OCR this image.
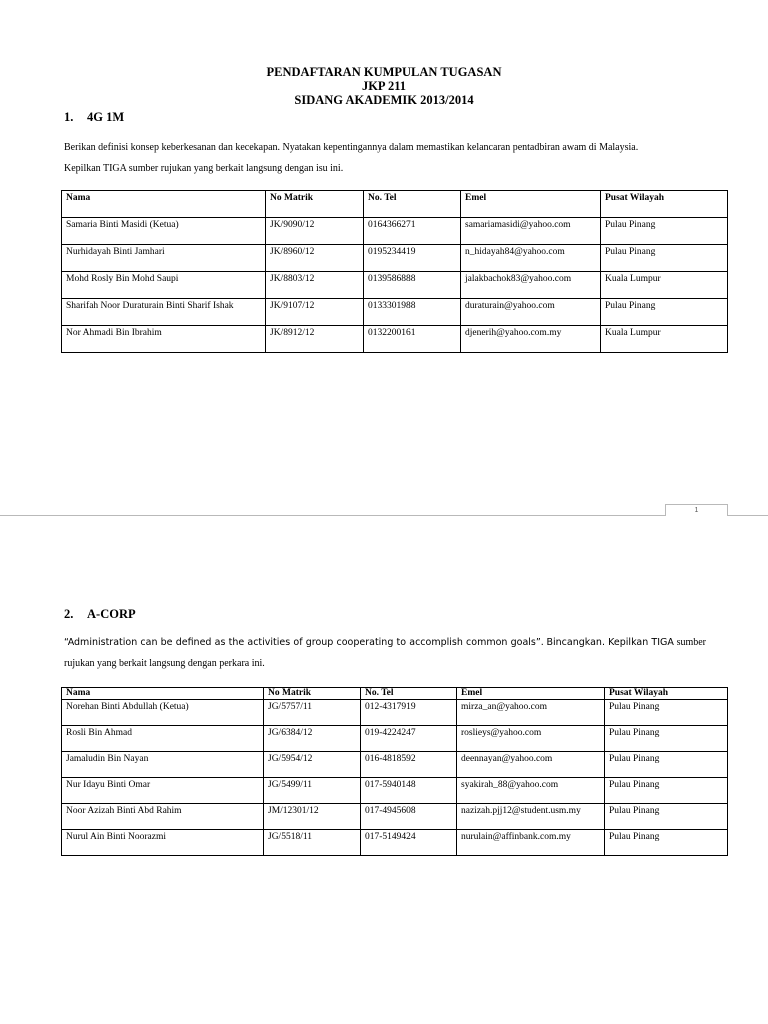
PENDAFTARAN KUMPULAN TUGASAN
JKP 211
SIDANG AKADEMIK 2013/2014
1. 4G 1M
Berikan definisi konsep keberkesanan dan kecekapan. Nyatakan kepentingannya dalam memastikan kelancaran pentadbiran awam di Malaysia.
Kepilkan TIGA sumber rujukan yang berkait langsung dengan isu ini.
Nama	No Matrik	No. Tel	Emel	Pusat Wilayah
Samaria Binti Masidi (Ketua)	JK/9090/12	0164366271	samariamasidi@yahoo.com	Pulau Pinang
Nurhidayah Binti Jamhari	JK/8960/12	0195234419	n_hidayah84@yahoo.com	Pulau Pinang
Mohd Rosly Bin Mohd Saupi	JK/8803/12	0139586888	jalakbachok83@yahoo.com	Kuala Lumpur
Sharifah Noor Duraturain Binti Sharif Ishak	JK/9107/12	0133301988	duraturain@yahoo.com	Pulau Pinang
Nor Ahmadi Bin Ibrahim	JK/8912/12	0132200161	djenerih@yahoo.com.my	Kuala Lumpur
1
2. A-CORP
“Administration can be defined as the activities of group cooperating to accomplish common goals”. Bincangkan. Kepilkan TIGA sumber rujukan yang berkait langsung dengan perkara ini.
Nama	No Matrik	No. Tel	Emel	Pusat Wilayah
Norehan Binti Abdullah (Ketua)	JG/5757/11	012-4317919	mirza_an@yahoo.com	Pulau Pinang
Rosli Bin Ahmad	JG/6384/12	019-4224247	roslieys@yahoo.com	Pulau Pinang
Jamaludin Bin Nayan	JG/5954/12	016-4818592	deennayan@yahoo.com	Pulau Pinang
Nur Idayu Binti Omar	JG/5499/11	017-5940148	syakirah_88@yahoo.com	Pulau Pinang
Noor Azizah Binti Abd Rahim	JM/12301/12	017-4945608	nazizah.pjj12@student.usm.my	Pulau Pinang
Nurul Ain Binti Noorazmi	JG/5518/11	017-5149424	nurulain@affinbank.com.my	Pulau Pinang
